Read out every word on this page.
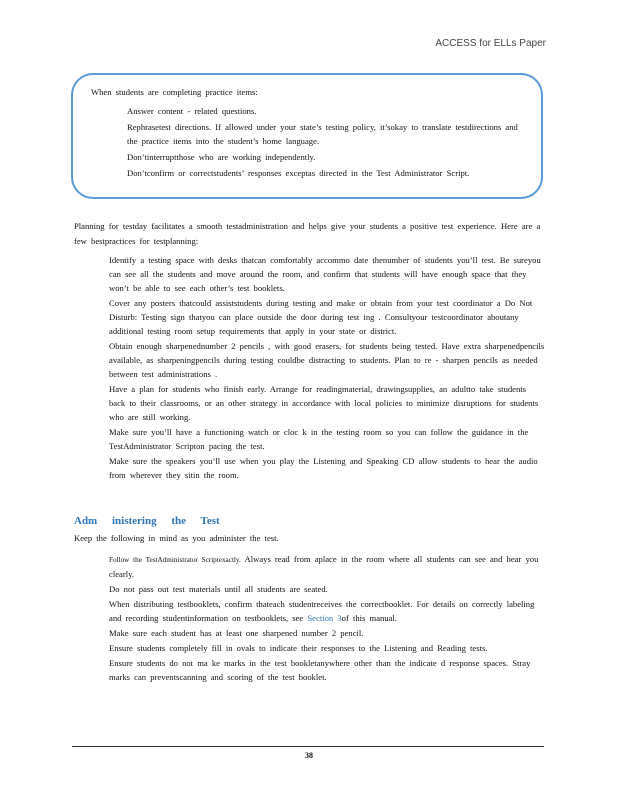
ACCESS for ELLs Paper

When students are completing practice items:

Answer content - related questions.
Rephrasetest directions. If allowed under your state’s testing policy, it’sokay to translate testdirections and the practice items into the student’s home language.
Don’tinterruptthose who are working independently.
Don’tconfirm or correctstudents’ responses exceptas directed in the Test Administrator Script.

Planning for testday facilitates a smooth testadministration and helps give your students a positive test experience. Here are a few bestpractices for testplanning:

Identify a testing space with desks thatcan comfortably accommo date thenumber of students you’ll test. Be sureyou can see all the students and move around the room, and confirm that students will have enough space that they won’t be able to see each other’s test booklets.
Cover any posters thatcould assiststudents during testing and make or obtain from your test coordinator a Do Not Disturb: Testing sign thatyou can place outside the door during test ing . Consultyour testcoordinator aboutany additional testing room setup requirements that apply in your state or district.
Obtain enough sharpenednumber 2 pencils , with good erasers, for students being tested. Have extra sharpenedpencils available, as sharpeningpencils during testing couldbe distracting to students. Plan to re - sharpen pencils as needed between test administrations .
Have a plan for students who finish early. Arrange for readingmaterial, drawingsupplies, an adultto take students back to their classrooms, or an other strategy in accordance with local policies to minimize disruptions for students who are still working.
Make sure you’ll have a functioning watch or cloc k in the testing room so you can follow the guidance in the TestAdministrator Scripton pacing the test.
Make sure the speakers you’ll use when you play the Listening and Speaking CD allow students to hear the audio from wherever they sitin the room.
Adm inistering the Test

Keep the following in mind as you administer the test.

Follow the TestAdministrator Scriptexactly. Always read from aplace in the room where all students can see and hear you clearly.
Do not pass out test materials until all students are seated.
When distributing testbooklets, confirm thateach studentreceives the correctbooklet. For details on correctly labeling and recording studentinformation on testbooklets, see Section 3of this manual.
Make sure each student has at least one sharpened number 2 pencil.
Ensure students completely fill in ovals to indicate their responses to the Listening and Reading tests.
Ensure students do not ma ke marks in the test bookletanywhere other than the indicate d response spaces. Stray marks can preventscanning and scoring of the test booklet.
38
